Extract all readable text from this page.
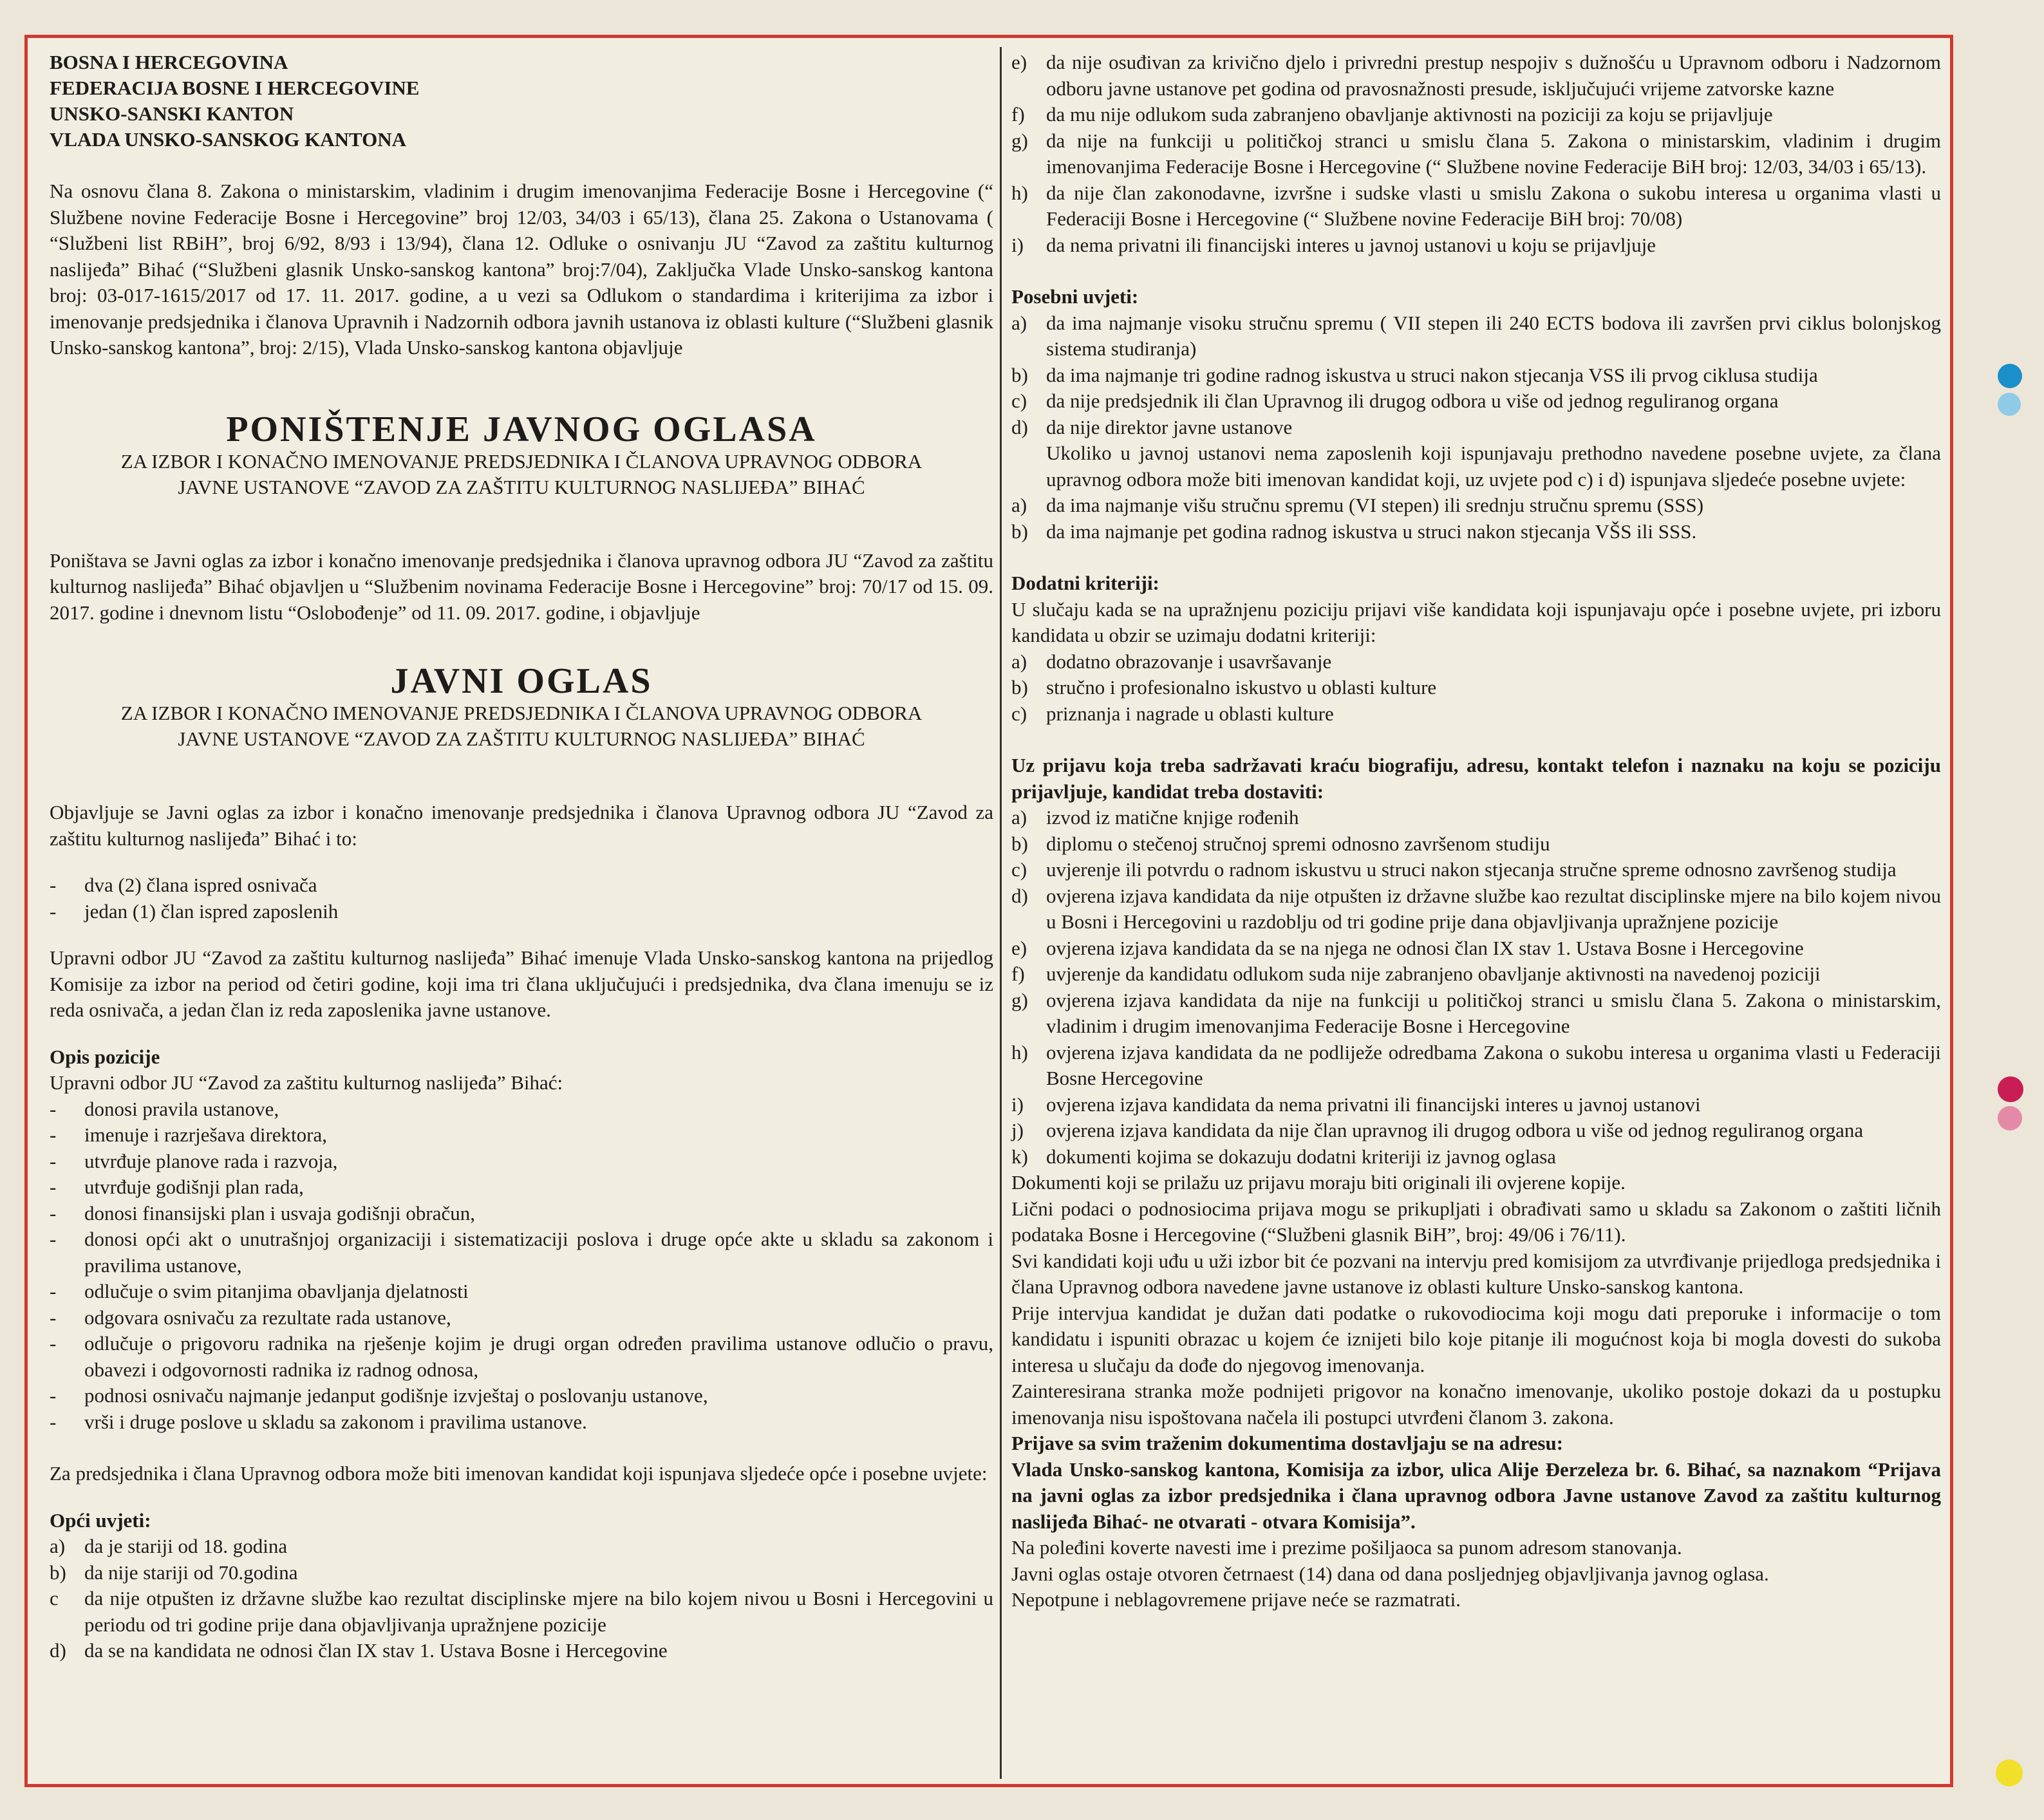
BOSNA I HERCEGOVINA

FEDERACIJA BOSNE I HERCEGOVINE

UNSKO-SANSKI KANTON

VLADA UNSKO-SANSKOG KANTONA

Na osnovu člana 8. Zakona o ministarskim, vladinim i drugim imenovanjima Federacije Bosne i Hercegovine (“ Službene novine Federacije Bosne i Hercegovine” broj 12/03, 34/03 i 65/13), člana 25. Zakona o Ustanovama ( “Službeni list RBiH”, broj 6/92, 8/93 i 13/94), člana 12. Odluke o osnivanju JU “Zavod za zaštitu kulturnog naslijeđa” Bihać (“Službeni glasnik Unsko-sanskog kantona” broj:7/04), Zaključka Vlade Unsko-sanskog kantona broj: 03-017-1615/2017 od 17. 11. 2017. godine, a u vezi sa Odlukom o standardima i kriterijima za izbor i imenovanje predsjednika i članova Upravnih i Nadzornih odbora javnih ustanova iz oblasti kulture (“Službeni glasnik Unsko-sanskog kantona”, broj: 2/15), Vlada Unsko-sanskog kantona objavljuje

PONIŠTENJE JAVNOG OGLASA

ZA IZBOR I KONAČNO IMENOVANJE PREDSJEDNIKA I ČLANOVA UPRAVNOG ODBORA

JAVNE USTANOVE “ZAVOD ZA ZAŠTITU KULTURNOG NASLIJEĐA” BIHAĆ

Poništava se Javni oglas za izbor i konačno imenovanje predsjednika i članova upravnog odbora JU “Zavod za zaštitu kulturnog naslijeđa” Bihać objavljen u “Službenim novinama Federacije Bosne i Hercegovine” broj: 70/17 od 15. 09. 2017. godine i dnevnom listu “Oslobođenje” od 11. 09. 2017. godine, i objavljuje

JAVNI OGLAS

ZA IZBOR I KONAČNO IMENOVANJE PREDSJEDNIKA I ČLANOVA UPRAVNOG ODBORA

JAVNE USTANOVE “ZAVOD ZA ZAŠTITU KULTURNOG NASLIJEĐA” BIHAĆ

Objavljuje se Javni oglas za izbor i konačno imenovanje predsjednika i članova Upravnog odbora JU “Zavod za zaštitu kulturnog naslijeđa” Bihać i to:

- dva (2) člana ispred osnivača
- jedan (1) član ispred zaposlenih

Upravni odbor JU “Zavod za zaštitu kulturnog naslijeđa” Bihać imenuje Vlada Unsko-sanskog kantona na prijedlog Komisije za izbor na period od četiri godine, koji ima tri člana uključujući i predsjednika, dva člana imenuju se iz reda osnivača, a jedan član iz reda zaposlenika javne ustanove.

Opis pozicije

Upravni odbor JU “Zavod za zaštitu kulturnog naslijeđa” Bihać:

- donosi pravila ustanove,
- imenuje i razrješava direktora,
- utvrđuje planove rada i razvoja,
- utvrđuje godišnji plan rada,
- donosi finansijski plan i usvaja godišnji obračun,
- donosi opći akt o unutrašnjoj organizaciji i sistematizaciji poslova i druge opće akte u skladu sa zakonom i pravilima ustanove,
- odlučuje o svim pitanjima obavljanja djelatnosti
- odgovara osnivaču za rezultate rada ustanove,
- odlučuje o prigovoru radnika na rješenje kojim je drugi organ određen pravilima ustanove odlučio o pravu, obavezi i odgovornosti radnika iz radnog odnosa,
- podnosi osnivaču najmanje jedanput godišnje izvještaj o poslovanju ustanove,
- vrši i druge poslove u skladu sa zakonom i pravilima ustanove.

Za predsjednika i člana Upravnog odbora može biti imenovan kandidat koji ispunjava sljedeće opće i posebne uvjete:

Opći uvjeti:

a) da je stariji od 18. godina
b) da nije stariji od 70.godina
c da nije otpušten iz državne službe kao rezultat disciplinske mjere na bilo kojem nivou u Bosni i Hercegovini u periodu od tri godine prije dana objavljivanja upražnjene pozicije
d) da se na kandidata ne odnosi član IX stav 1. Ustava Bosne i Hercegovine
e) da nije osuđivan za krivično djelo i privredni prestup nespojiv s dužnošću u Upravnom odboru i Nadzornom odboru javne ustanove pet godina od pravosnažnosti presude, isključujući vrijeme zatvorske kazne
f) da mu nije odlukom suda zabranjeno obavljanje aktivnosti na poziciji za koju se prijavljuje
g) da nije na funkciji u političkoj stranci u smislu člana 5. Zakona o ministarskim, vladinim i drugim imenovanjima Federacije Bosne i Hercegovine (“ Službene novine Federacije BiH broj: 12/03, 34/03 i 65/13).
h) da nije član zakonodavne, izvršne i sudske vlasti u smislu Zakona o sukobu interesa u organima vlasti u Federaciji Bosne i Hercegovine (“ Službene novine Federacije BiH broj: 70/08)
i) da nema privatni ili financijski interes u javnoj ustanovi u koju se prijavljuje

Posebni uvjeti:

a) da ima najmanje visoku stručnu spremu ( VII stepen ili 240 ECTS bodova ili završen prvi ciklus bolonjskog sistema studiranja)
b) da ima najmanje tri godine radnog iskustva u struci nakon stjecanja VSS ili prvog ciklusa studija
c) da nije predsjednik ili član Upravnog ili drugog odbora u više od jednog reguliranog organa
d) da nije direktor javne ustanove

Ukoliko u javnoj ustanovi nema zaposlenih koji ispunjavaju prethodno navedene posebne uvjete, za člana upravnog odbora može biti imenovan kandidat koji, uz uvjete pod c) i d) ispunjava sljedeće posebne uvjete:

a) da ima najmanje višu stručnu spremu (VI stepen) ili srednju stručnu spremu (SSS)
b) da ima najmanje pet godina radnog iskustva u struci nakon stjecanja VŠS ili SSS.

Dodatni kriteriji:

U slučaju kada se na upražnjenu poziciju prijavi više kandidata koji ispunjavaju opće i posebne uvjete, pri izboru kandidata u obzir se uzimaju dodatni kriteriji:

a) dodatno obrazovanje i usavršavanje
b) stručno i profesionalno iskustvo u oblasti kulture
c) priznanja i nagrade u oblasti kulture

Uz prijavu koja treba sadržavati kraću biografiju, adresu, kontakt telefon i naznaku na koju se poziciju prijavljuje, kandidat treba dostaviti:

a) izvod iz matične knjige rođenih
b) diplomu o stečenoj stručnoj spremi odnosno završenom studiju
c) uvjerenje ili potvrdu o radnom iskustvu u struci nakon stjecanja stručne spreme odnosno završenog studija
d) ovjerena izjava kandidata da nije otpušten iz državne službe kao rezultat disciplinske mjere na bilo kojem nivou u Bosni i Hercegovini u razdoblju od tri godine prije dana objavljivanja upražnjene pozicije
e) ovjerena izjava kandidata da se na njega ne odnosi član IX stav 1. Ustava Bosne i Hercegovine
f) uvjerenje da kandidatu odlukom suda nije zabranjeno obavljanje aktivnosti na navedenoj poziciji
g) ovjerena izjava kandidata da nije na funkciji u političkoj stranci u smislu člana 5. Zakona o ministarskim, vladinim i drugim imenovanjima Federacije Bosne i Hercegovine
h) ovjerena izjava kandidata da ne podliježe odredbama Zakona o sukobu interesa u organima vlasti u Federaciji Bosne Hercegovine
i) ovjerena izjava kandidata da nema privatni ili financijski interes u javnoj ustanovi
j) ovjerena izjava kandidata da nije član upravnog ili drugog odbora u više od jednog reguliranog organa
k) dokumenti kojima se dokazuju dodatni kriteriji iz javnog oglasa

Dokumenti koji se prilažu uz prijavu moraju biti originali ili ovjerene kopije.

Lični podaci o podnosiocima prijava mogu se prikupljati i obrađivati samo u skladu sa Zakonom o zaštiti ličnih podataka Bosne i Hercegovine (“Službeni glasnik BiH”, broj: 49/06 i 76/11).

Svi kandidati koji uđu u uži izbor bit će pozvani na intervju pred komisijom za utvrđivanje prijedloga predsjednika i člana Upravnog odbora navedene javne ustanove iz oblasti kulture Unsko-sanskog kantona.

Prije intervjua kandidat je dužan dati podatke o rukovodiocima koji mogu dati preporuke i informacije o tom kandidatu i ispuniti obrazac u kojem će iznijeti bilo koje pitanje ili mogućnost koja bi mogla dovesti do sukoba interesa u slučaju da dođe do njegovog imenovanja.

Zainteresirana stranka može podnijeti prigovor na konačno imenovanje, ukoliko postoje dokazi da u postupku imenovanja nisu ispoštovana načela ili postupci utvrđeni članom 3. zakona.

Prijave sa svim traženim dokumentima dostavljaju se na adresu:

Vlada Unsko-sanskog kantona, Komisija za izbor, ulica Alije Đerzeleza br. 6. Bihać, sa naznakom “Prijava na javni oglas za izbor predsjednika i člana upravnog odbora Javne ustanove Zavod za zaštitu kulturnog naslijeđa Bihać- ne otvarati - otvara Komisija”.

Na poleđini koverte navesti ime i prezime pošiljaoca sa punom adresom stanovanja.

Javni oglas ostaje otvoren četrnaest (14) dana od dana posljednjeg objavljivanja javnog oglasa.

Nepotpune i neblagovremene prijave neće se razmatrati.
